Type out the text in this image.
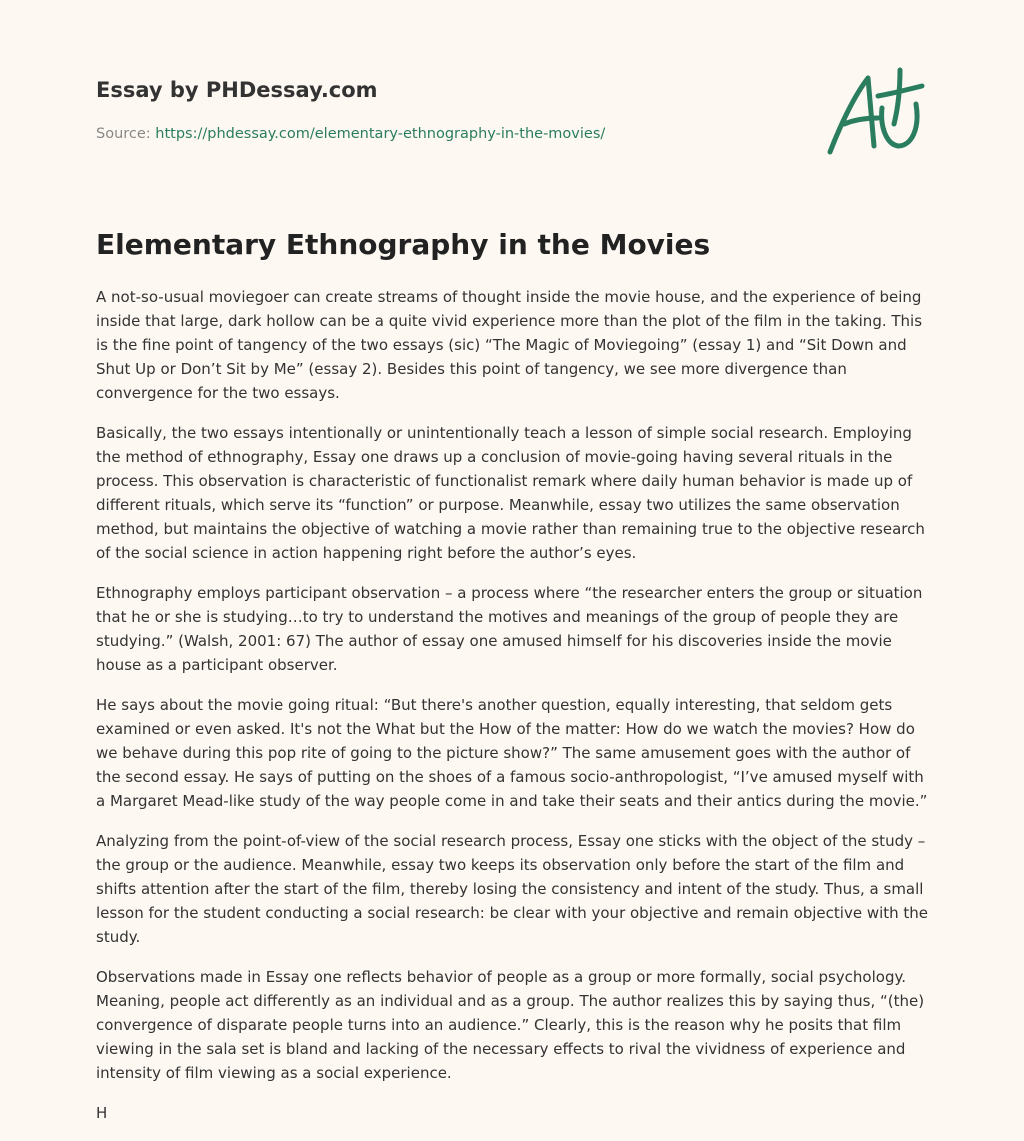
Essay by PHDessay.com
Source: https://phdessay.com/elementary-ethnography-in-the-movies/
Elementary Ethnography in the Movies

A not-so-usual moviegoer can create streams of thought inside the movie house, and the experience of being inside that large, dark hollow can be a quite vivid experience more than the plot of the film in the taking. This is the fine point of tangency of the two essays (sic) “The Magic of Moviegoing” (essay 1) and “Sit Down and Shut Up or Don’t Sit by Me” (essay 2). Besides this point of tangency, we see more divergence than convergence for the two essays.

Basically, the two essays intentionally or unintentionally teach a lesson of simple social research. Employing the method of ethnography, Essay one draws up a conclusion of movie-going having several rituals in the process. This observation is characteristic of functionalist remark where daily human behavior is made up of different rituals, which serve its “function” or purpose. Meanwhile, essay two utilizes the same observation method, but maintains the objective of watching a movie rather than remaining true to the objective research of the social science in action happening right before the author’s eyes.

Ethnography employs participant observation – a process where “the researcher enters the group or situation that he or she is studying…to try to understand the motives and meanings of the group of people they are studying.” (Walsh, 2001: 67) The author of essay one amused himself for his discoveries inside the movie house as a participant observer.

He says about the movie going ritual: “But there's another question, equally interesting, that seldom gets examined or even asked. It's not the What but the How of the matter: How do we watch the movies? How do we behave during this pop rite of going to the picture show?” The same amusement goes with the author of the second essay. He says of putting on the shoes of a famous socio-anthropologist, “I’ve amused myself with a Margaret Mead-like study of the way people come in and take their seats and their antics during the movie.”

Analyzing from the point-of-view of the social research process, Essay one sticks with the object of the study – the group or the audience. Meanwhile, essay two keeps its observation only before the start of the film and shifts attention after the start of the film, thereby losing the consistency and intent of the study. Thus, a small lesson for the student conducting a social research: be clear with your objective and remain objective with the study.

Observations made in Essay one reflects behavior of people as a group or more formally, social psychology. Meaning, people act differently as an individual and as a group. The author realizes this by saying thus, “(the) convergence of disparate people turns into an audience.” Clearly, this is the reason why he posits that film viewing in the sala set is bland and lacking of the necessary effects to rival the vividness of experience and intensity of film viewing as a social experience.

H
